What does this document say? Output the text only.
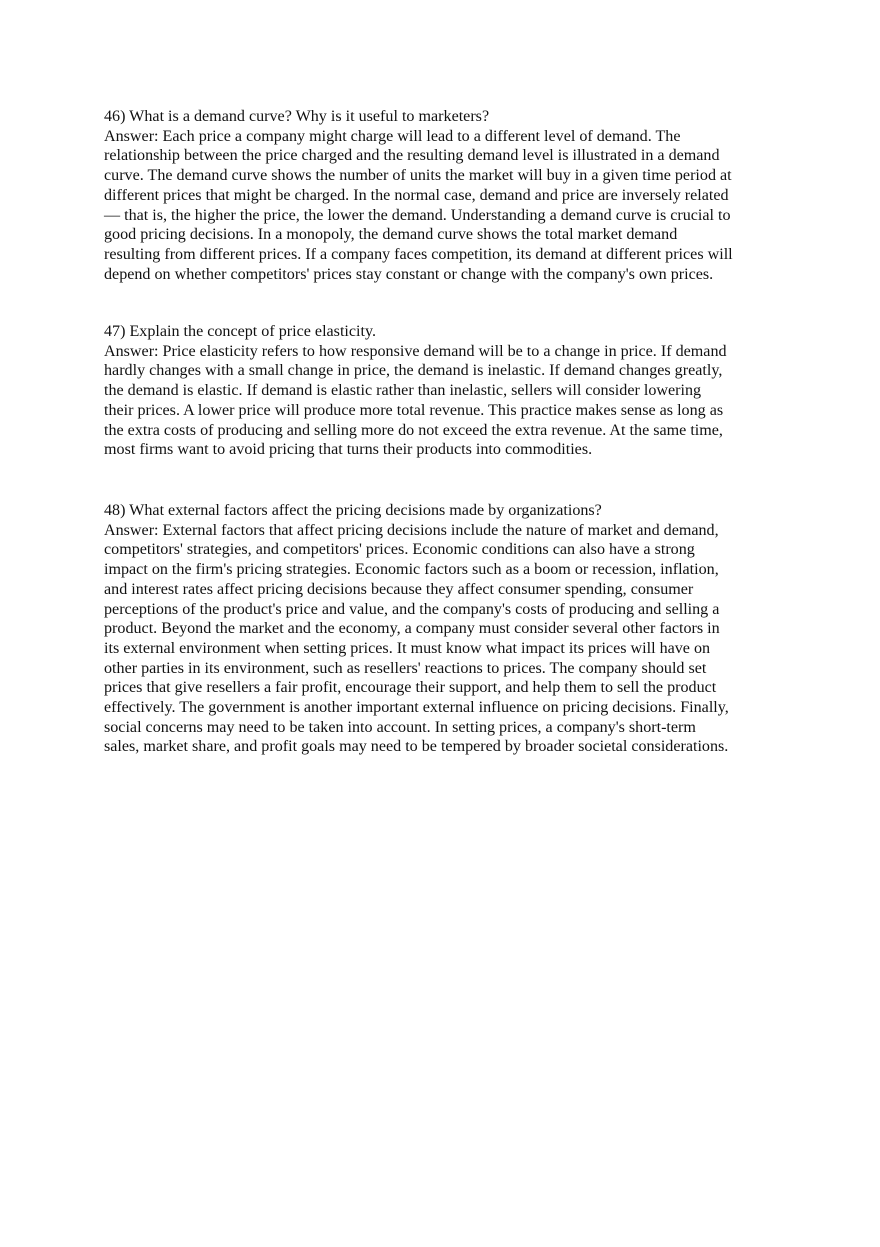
46) What is a demand curve? Why is it useful to marketers?
Answer: Each price a company might charge will lead to a different level of demand. The
relationship between the price charged and the resulting demand level is illustrated in a demand
curve. The demand curve shows the number of units the market will buy in a given time period at
different prices that might be charged. In the normal case, demand and price are inversely related
— that is, the higher the price, the lower the demand. Understanding a demand curve is crucial to
good pricing decisions. In a monopoly, the demand curve shows the total market demand
resulting from different prices. If a company faces competition, its demand at different prices will
depend on whether competitors' prices stay constant or change with the company's own prices.
47) Explain the concept of price elasticity.
Answer: Price elasticity refers to how responsive demand will be to a change in price. If demand
hardly changes with a small change in price, the demand is inelastic. If demand changes greatly,
the demand is elastic. If demand is elastic rather than inelastic, sellers will consider lowering
their prices. A lower price will produce more total revenue. This practice makes sense as long as
the extra costs of producing and selling more do not exceed the extra revenue. At the same time,
most firms want to avoid pricing that turns their products into commodities.
48) What external factors affect the pricing decisions made by organizations?
Answer: External factors that affect pricing decisions include the nature of market and demand,
competitors' strategies, and competitors' prices. Economic conditions can also have a strong
impact on the firm's pricing strategies. Economic factors such as a boom or recession, inflation,
and interest rates affect pricing decisions because they affect consumer spending, consumer
perceptions of the product's price and value, and the company's costs of producing and selling a
product. Beyond the market and the economy, a company must consider several other factors in
its external environment when setting prices. It must know what impact its prices will have on
other parties in its environment, such as resellers' reactions to prices. The company should set
prices that give resellers a fair profit, encourage their support, and help them to sell the product
effectively. The government is another important external influence on pricing decisions. Finally,
social concerns may need to be taken into account. In setting prices, a company's short-term
sales, market share, and profit goals may need to be tempered by broader societal considerations.
